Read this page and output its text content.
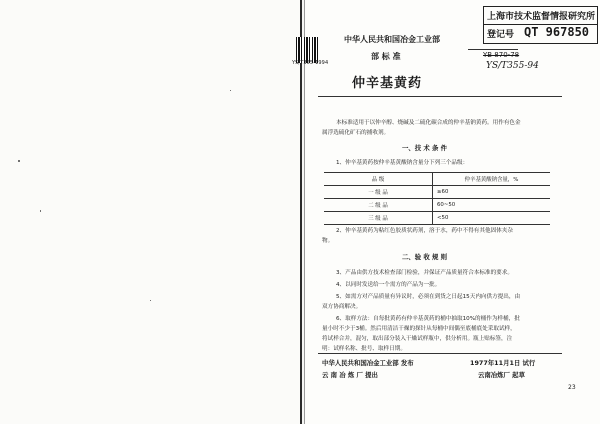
YS/T355-1994
中华人民共和国冶金工业部
部 标 准
仲辛基黄药
上海市技术监督情报研究所
登记号 QT 967850
YB 870-78
YS/T355-94
本标准适用于以仲辛醇、烧碱及二硫化碳合成的仲辛基钠黄药。用作有色金
属浮选硫化矿石的捕收剂。
一、技 术 条 件
1、仲辛基黄药按仲辛基黄酸钠含量分下列三个品级：
品 级	仲辛基黄酸钠含量，%
一 级 品	≥60
二 级 品	60~50
三 级 品	<50
2、仲辛基黄药为粘红色胶质状药剂，溶于水，药中不得有其他固体夹杂
物。
二、验 收 规 则
3、产品由供方技术检查部门检验，并保证产品质量符合本标准的要求。
4、以同时发送给一个需方的产品为一批。
5、如需方对产品质量有异议时，必须在到货之日起15天内向供方提出，由
双方协商解决。
6、取样方法：自每批黄药有仲辛基黄药的桶中抽取10%的桶作为样桶，批
量小时不少于3桶。然后用清洁干燥的探针从每桶中间偶至底桶底处采取试样，
将试样合并，混匀，取出部分装入干燥试样瓶中，供分析用。瓶上贴标签，注
明：试样名称、批号、取样日期。
中华人民共和国冶金工业部 发布
云 南 冶 炼 厂 提出
1977年11月1日 试行
云南冶炼厂 起草
23
